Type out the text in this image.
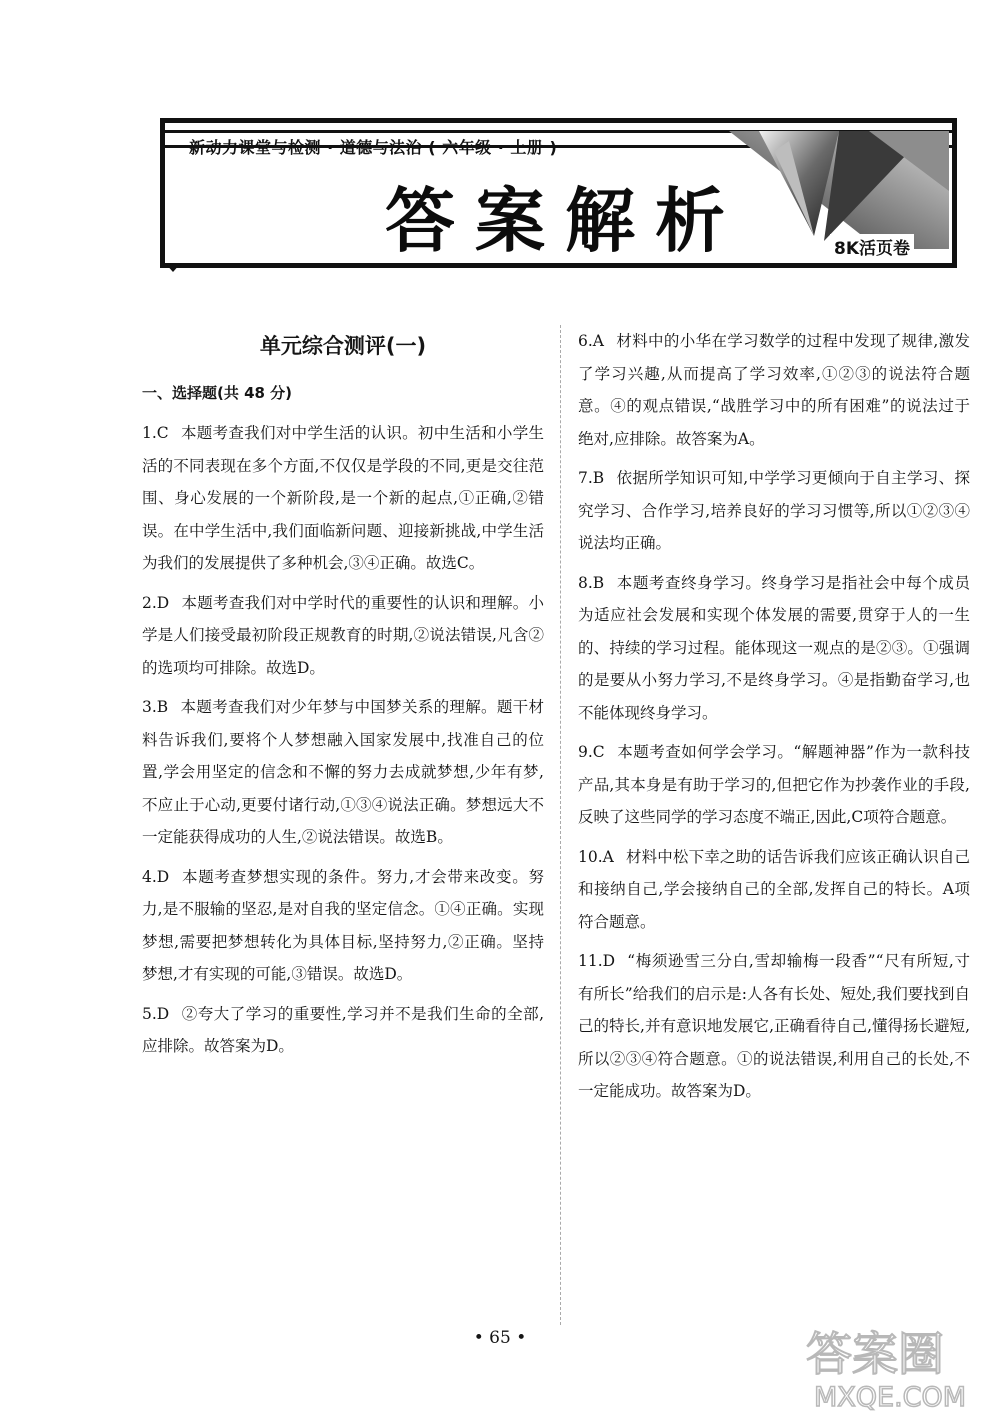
新动力课堂与检测 · 道德与法治 ( 六年级 · 上册 )
答案解析	8K活页卷
单元综合测评(一)
一、选择题(共 48 分)
1.C 本题考查我们对中学生活的认识。初中生活和小学生活的不同表现在多个方面,不仅仅是学段的不同,更是交往范围、身心发展的一个新阶段,是一个新的起点,①正确,②错误。在中学生活中,我们面临新问题、迎接新挑战,中学生活为我们的发展提供了多种机会,③④正确。故选C。
2.D 本题考查我们对中学时代的重要性的认识和理解。小学是人们接受最初阶段正规教育的时期,②说法错误,凡含②的选项均可排除。故选D。
3.B 本题考查我们对少年梦与中国梦关系的理解。题干材料告诉我们,要将个人梦想融入国家发展中,找准自己的位置,学会用坚定的信念和不懈的努力去成就梦想,少年有梦,不应止于心动,更要付诸行动,①③④说法正确。梦想远大不一定能获得成功的人生,②说法错误。故选B。
4.D 本题考查梦想实现的条件。努力,才会带来改变。努力,是不服输的坚忍,是对自我的坚定信念。①④正确。实现梦想,需要把梦想转化为具体目标,坚持努力,②正确。坚持梦想,才有实现的可能,③错误。故选D。
5.D ②夸大了学习的重要性,学习并不是我们生命的全部,应排除。故答案为D。
6.A 材料中的小华在学习数学的过程中发现了规律,激发了学习兴趣,从而提高了学习效率,①②③的说法符合题意。④的观点错误,“战胜学习中的所有困难”的说法过于绝对,应排除。故答案为A。
7.B 依据所学知识可知,中学学习更倾向于自主学习、探究学习、合作学习,培养良好的学习习惯等,所以①②③④说法均正确。
8.B 本题考查终身学习。终身学习是指社会中每个成员为适应社会发展和实现个体发展的需要,贯穿于人的一生的、持续的学习过程。能体现这一观点的是②③。①强调的是要从小努力学习,不是终身学习。④是指勤奋学习,也不能体现终身学习。
9.C 本题考查如何学会学习。“解题神器”作为一款科技产品,其本身是有助于学习的,但把它作为抄袭作业的手段,反映了这些同学的学习态度不端正,因此,C项符合题意。
10.A 材料中松下幸之助的话告诉我们应该正确认识自己和接纳自己,学会接纳自己的全部,发挥自己的特长。A项符合题意。
11.D “梅须逊雪三分白,雪却输梅一段香”“尺有所短,寸有所长”给我们的启示是:人各有长处、短处,我们要找到自己的特长,并有意识地发展它,正确看待自己,懂得扬长避短,所以②③④符合题意。①的说法错误,利用自己的长处,不一定能成功。故答案为D。
• 65 •	答案圈
MXQE.COM
